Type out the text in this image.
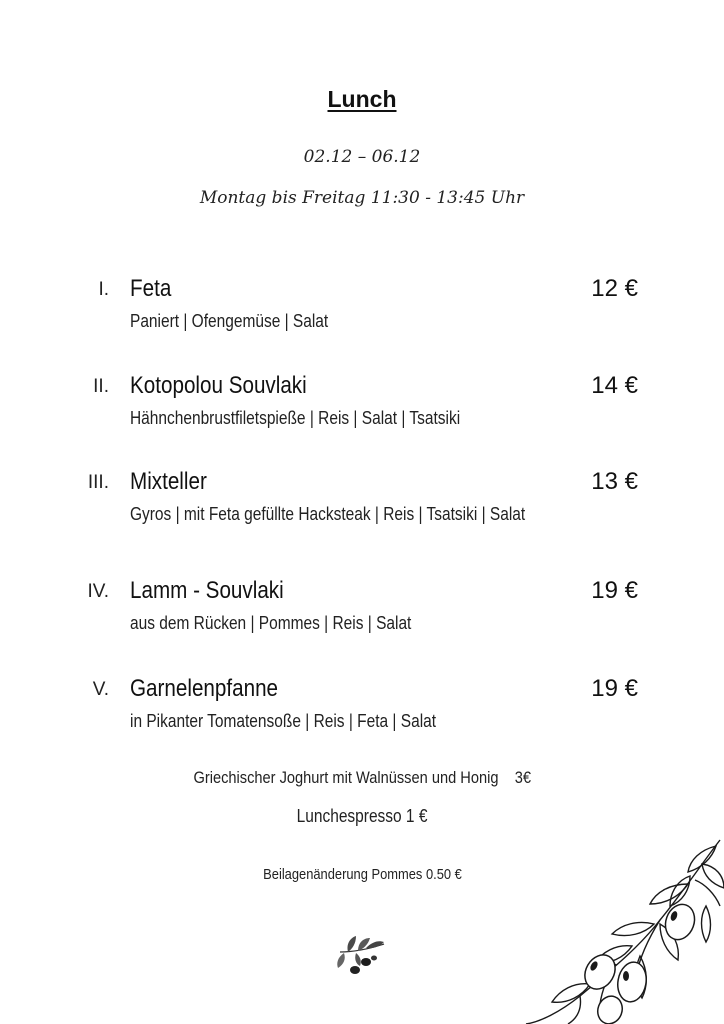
Lunch
02.12 – 06.12
Montag bis Freitag 11:30 - 13:45 Uhr
I. Feta	12 €
Paniert | Ofengemüse | Salat
II. Kotopolou Souvlaki	14 €
Hähnchenbrustfiletspieße | Reis | Salat | Tsatsiki
III. Mixteller	13 €
Gyros | mit Feta gefüllte Hacksteak | Reis | Tsatsiki | Salat
IV. Lamm - Souvlaki	19 €
aus dem Rücken | Pommes | Reis | Salat
V. Garnelenpfanne	19 €
in Pikanter Tomatensoße | Reis | Feta | Salat
Griechischer Joghurt mit Walnüssen und Honig 3€
Lunchespresso 1 €
Beilagenänderung Pommes 0.50 €
